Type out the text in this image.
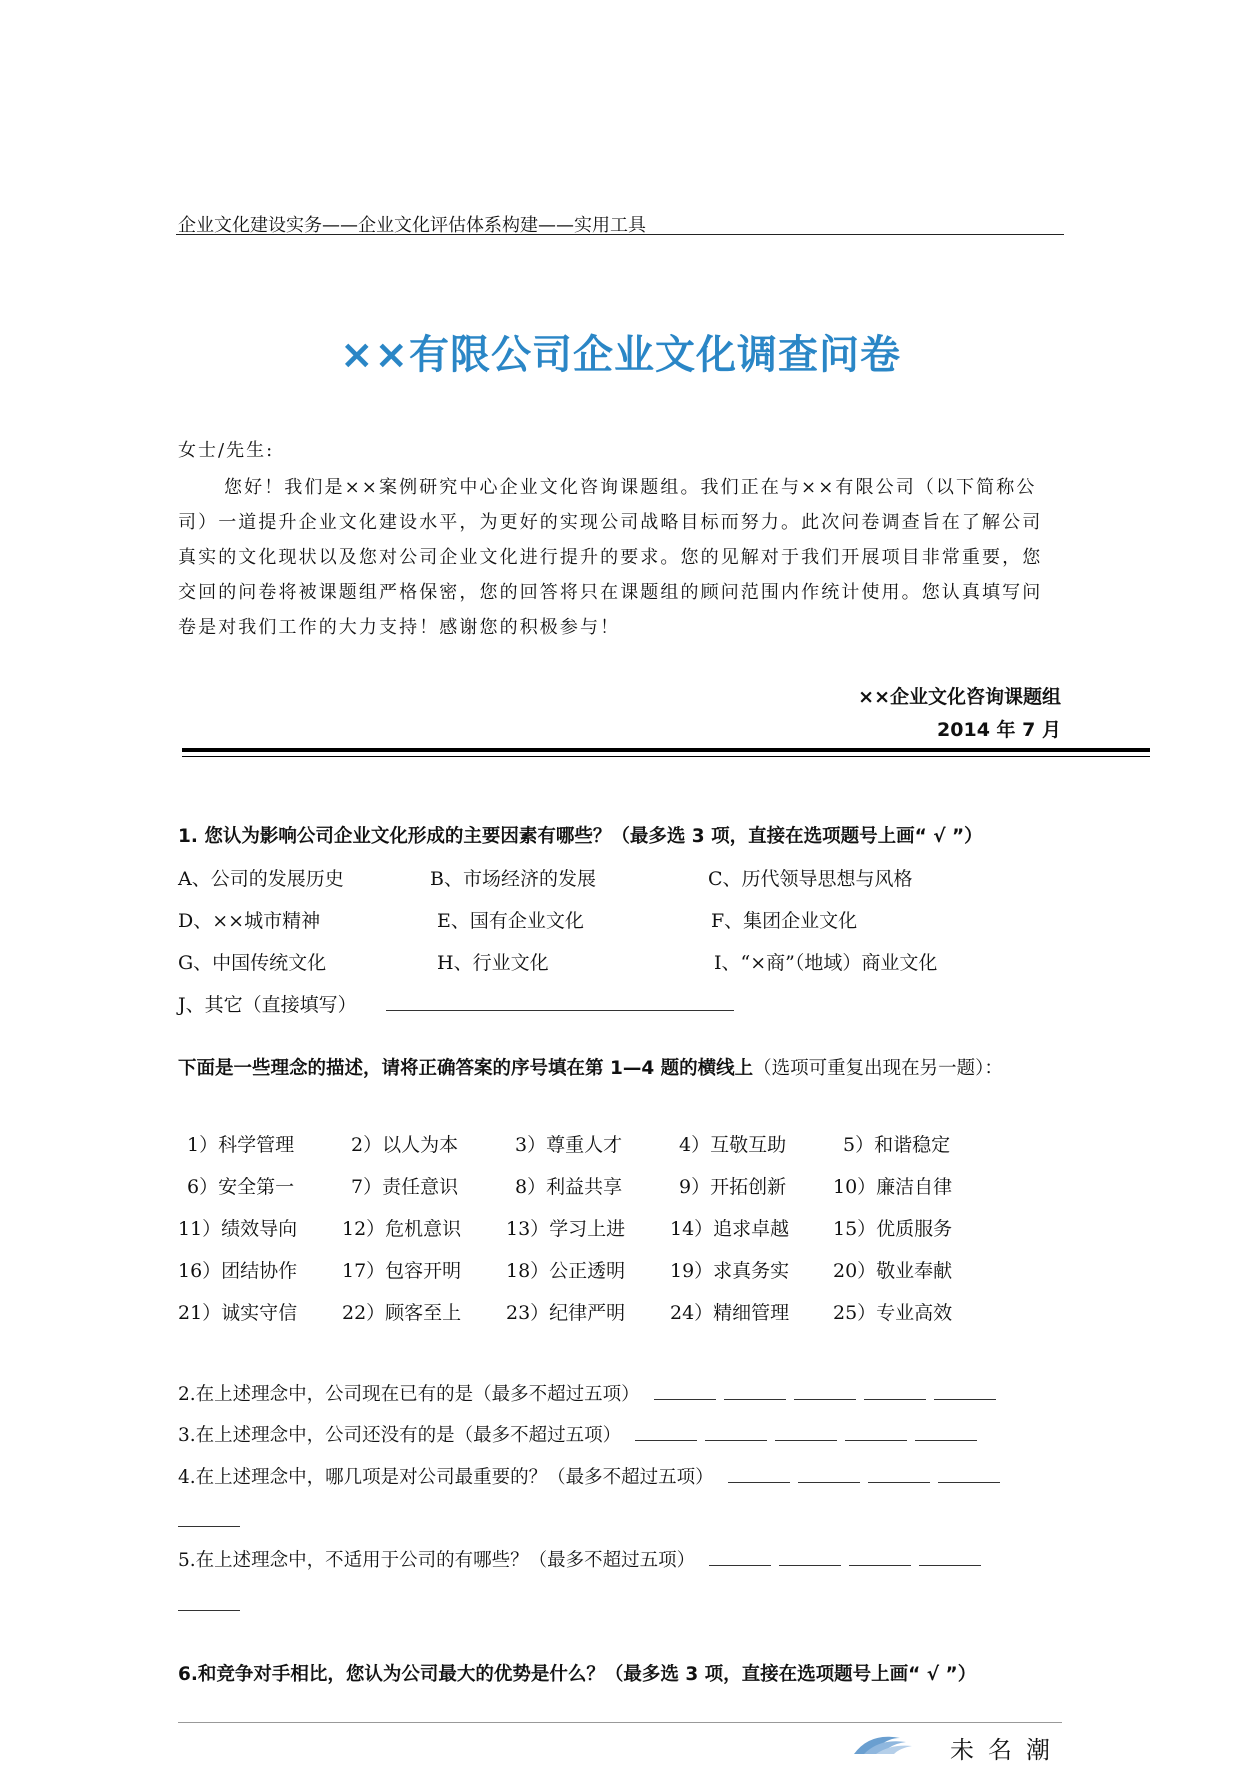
企业文化建设实务——企业文化评估体系构建——实用工具
××有限公司企业文化调查问卷
女士/先生:
您好！我们是××案例研究中心企业文化咨询课题组。我们正在与××有限公司（以下简称公司）一道提升企业文化建设水平，为更好的实现公司战略目标而努力。此次问卷调查旨在了解公司真实的文化现状以及您对公司企业文化进行提升的要求。您的见解对于我们开展项目非常重要，您交回的问卷将被课题组严格保密，您的回答将只在课题组的顾问范围内作统计使用。您认真填写问卷是对我们工作的大力支持！感谢您的积极参与！
××企业文化咨询课题组
2014 年 7 月
1. 您认为影响公司企业文化形成的主要因素有哪些？（最多选 3 项，直接在选项题号上画“ √ ”）
A、公司的发展历史	B、市场经济的发展	C、历代领导思想与风格
D、××城市精神	E、国有企业文化	F、集团企业文化
G、中国传统文化	H、行业文化	I、“×商”（地域）商业文化
J、其它（直接填写）
下面是一些理念的描述，请将正确答案的序号填在第 1—4 题的横线上（选项可重复出现在另一题）：
1）科学管理	2）以人为本	3）尊重人才	4）互敬互助	5）和谐稳定
6）安全第一	7）责任意识	8）利益共享	9）开拓创新 10）廉洁自律
11）绩效导向 12）危机意识 13）学习上进 14）追求卓越 15）优质服务
16）团结协作 17）包容开明 18）公正透明 19）求真务实 20）敬业奉献
21）诚实守信 22）顾客至上 23）纪律严明 24）精细管理 25）专业高效
2.在上述理念中，公司现在已有的是（最多不超过五项）
3.在上述理念中，公司还没有的是（最多不超过五项）
4.在上述理念中，哪几项是对公司最重要的？（最多不超过五项）
5.在上述理念中，不适用于公司的有哪些？（最多不超过五项）
6.和竞争对手相比，您认为公司最大的优势是什么？（最多选 3 项，直接在选项题号上画“ √ ”）
未名潮
